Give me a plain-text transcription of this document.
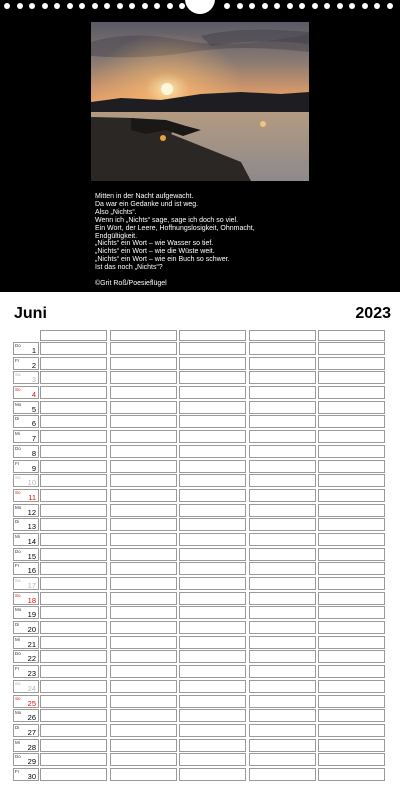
Mitten in der Nacht aufgewacht.
Da war ein Gedanke und ist weg.
Also „Nichts“.
Wenn ich „Nichts“ sage, sage ich doch so viel.
Ein Wort, der Leere, Hoffnungslosigkeit, Ohnmacht,
Endgültigkeit.
„Nichts“ ein Wort – wie Wasser so tief.
„Nichts“ ein Wort – wie die Wüste weit.
„Nichts“ ein Wort – wie ein Buch so schwer.
Ist das noch „Nichts“?
©Grit Roß/Poesieflügel
Juni	2023
Do
1
Fr
2
Sa
3
So
4
Mo
5
Di
6
Mi
7
Do
8
Fr
9
Sa
10
So
11
Mo
12
Di
13
Mi
14
Do
15
Fr
16
Sa
17
So
18
Mo
19
Di
20
Mi
21
Do
22
Fr
23
Sa
24
So
25
Mo
26
Di
27
Mi
28
Do
29
Fr
30
